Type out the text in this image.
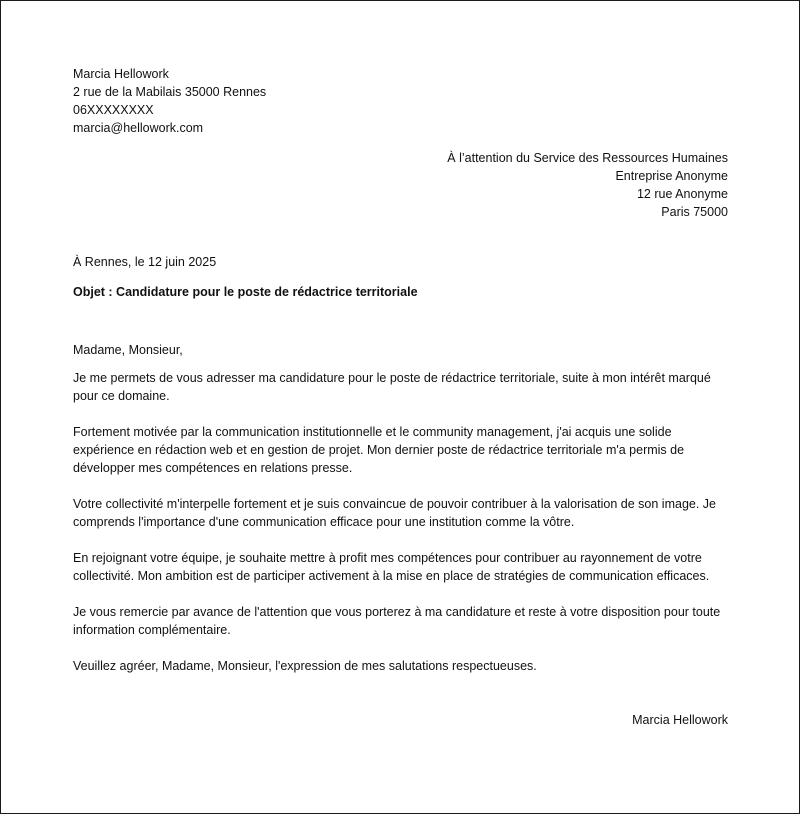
Marcia Hellowork
2 rue de la Mabilais 35000 Rennes
06XXXXXXXX
marcia@hellowork.com
À l’attention du Service des Ressources Humaines
Entreprise Anonyme
12 rue Anonyme
Paris 75000
À Rennes, le 12 juin 2025
Objet : Candidature pour le poste de rédactrice territoriale
Madame, Monsieur,

Je me permets de vous adresser ma candidature pour le poste de rédactrice territoriale, suite à mon intérêt marqué pour ce domaine.

Fortement motivée par la communication institutionnelle et le community management, j'ai acquis une solide expérience en rédaction web et en gestion de projet. Mon dernier poste de rédactrice territoriale m'a permis de développer mes compétences en relations presse.

Votre collectivité m'interpelle fortement et je suis convaincue de pouvoir contribuer à la valorisation de son image. Je comprends l'importance d'une communication efficace pour une institution comme la vôtre.

En rejoignant votre équipe, je souhaite mettre à profit mes compétences pour contribuer au rayonnement de votre collectivité. Mon ambition est de participer activement à la mise en place de stratégies de communication efficaces.

Je vous remercie par avance de l'attention que vous porterez à ma candidature et reste à votre disposition pour toute information complémentaire.

Veuillez agréer, Madame, Monsieur, l'expression de mes salutations respectueuses.
Marcia Hellowork
